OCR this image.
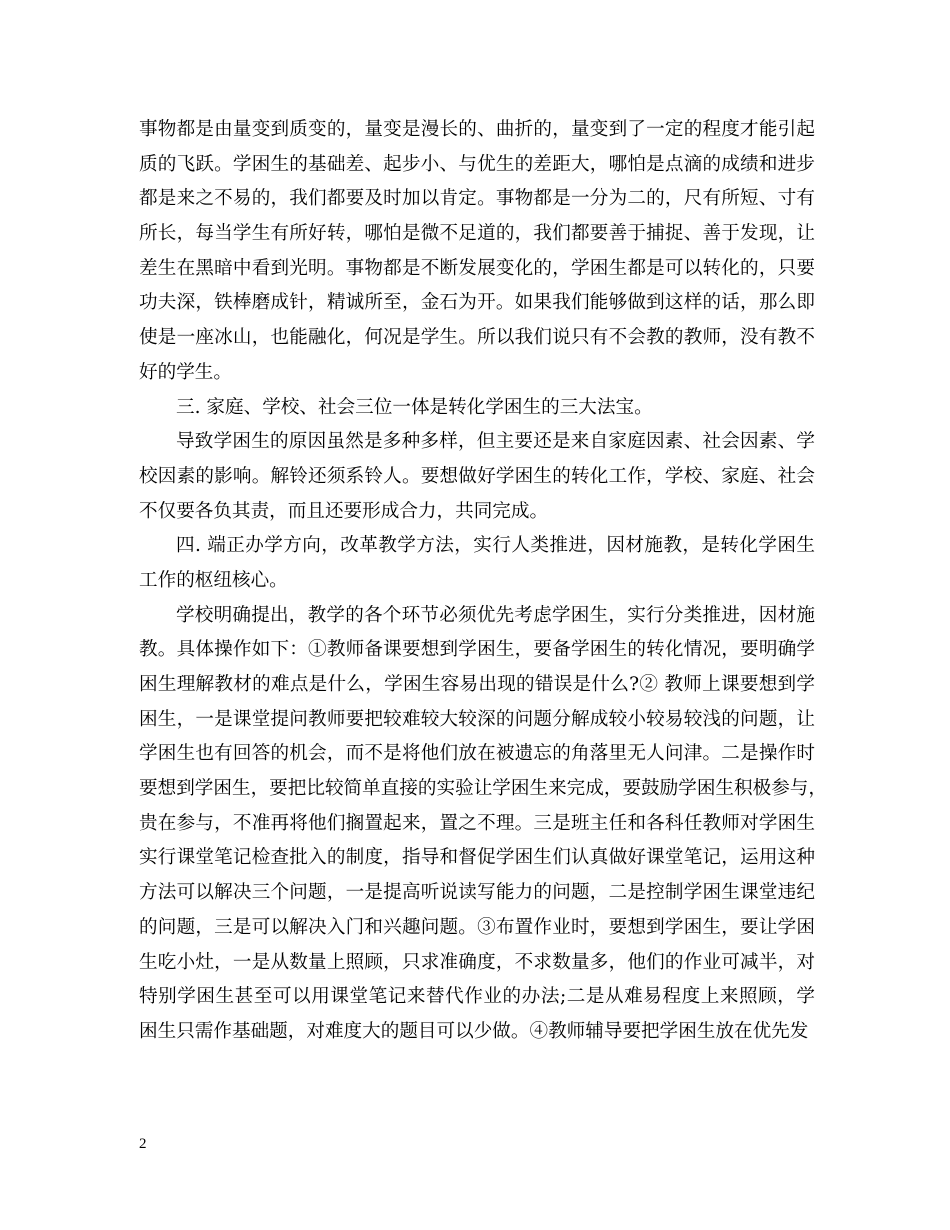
事物都是由量变到质变的，量变是漫长的、曲折的，量变到了一定的程度才能引起
质的飞跃。学困生的基础差、起步小、与优生的差距大，哪怕是点滴的成绩和进步
都是来之不易的，我们都要及时加以肯定。事物都是一分为二的，尺有所短、寸有
所长，每当学生有所好转，哪怕是微不足道的，我们都要善于捕捉、善于发现，让
差生在黑暗中看到光明。事物都是不断发展变化的，学困生都是可以转化的，只要
功夫深，铁棒磨成针，精诚所至，金石为开。如果我们能够做到这样的话，那么即
使是一座冰山，也能融化，何况是学生。所以我们说只有不会教的教师，没有教不
好的学生。
三. 家庭、学校、社会三位一体是转化学困生的三大法宝。
导致学困生的原因虽然是多种多样，但主要还是来自家庭因素、社会因素、学
校因素的影响。解铃还须系铃人。要想做好学困生的转化工作，学校、家庭、社会
不仅要各负其责，而且还要形成合力，共同完成。
四. 端正办学方向，改革教学方法，实行人类推进，因材施教，是转化学困生
工作的枢纽核心。
学校明确提出，教学的各个环节必须优先考虑学困生，实行分类推进，因材施
教。具体操作如下：①教师备课要想到学困生，要备学困生的转化情况，要明确学
困生理解教材的难点是什么，学困生容易出现的错误是什么?② 教师上课要想到学
困生，一是课堂提问教师要把较难较大较深的问题分解成较小较易较浅的问题，让
学困生也有回答的机会，而不是将他们放在被遗忘的角落里无人问津。二是操作时
要想到学困生，要把比较简单直接的实验让学困生来完成，要鼓励学困生积极参与，
贵在参与，不准再将他们搁置起来，置之不理。三是班主任和各科任教师对学困生
实行课堂笔记检查批入的制度，指导和督促学困生们认真做好课堂笔记，运用这种
方法可以解决三个问题，一是提高听说读写能力的问题，二是控制学困生课堂违纪
的问题，三是可以解决入门和兴趣问题。③布置作业时，要想到学困生，要让学困
生吃小灶，一是从数量上照顾，只求准确度，不求数量多，他们的作业可减半，对
特别学困生甚至可以用课堂笔记来替代作业的办法;二是从难易程度上来照顾，学
困生只需作基础题，对难度大的题目可以少做。④教师辅导要把学困生放在优先发
2
